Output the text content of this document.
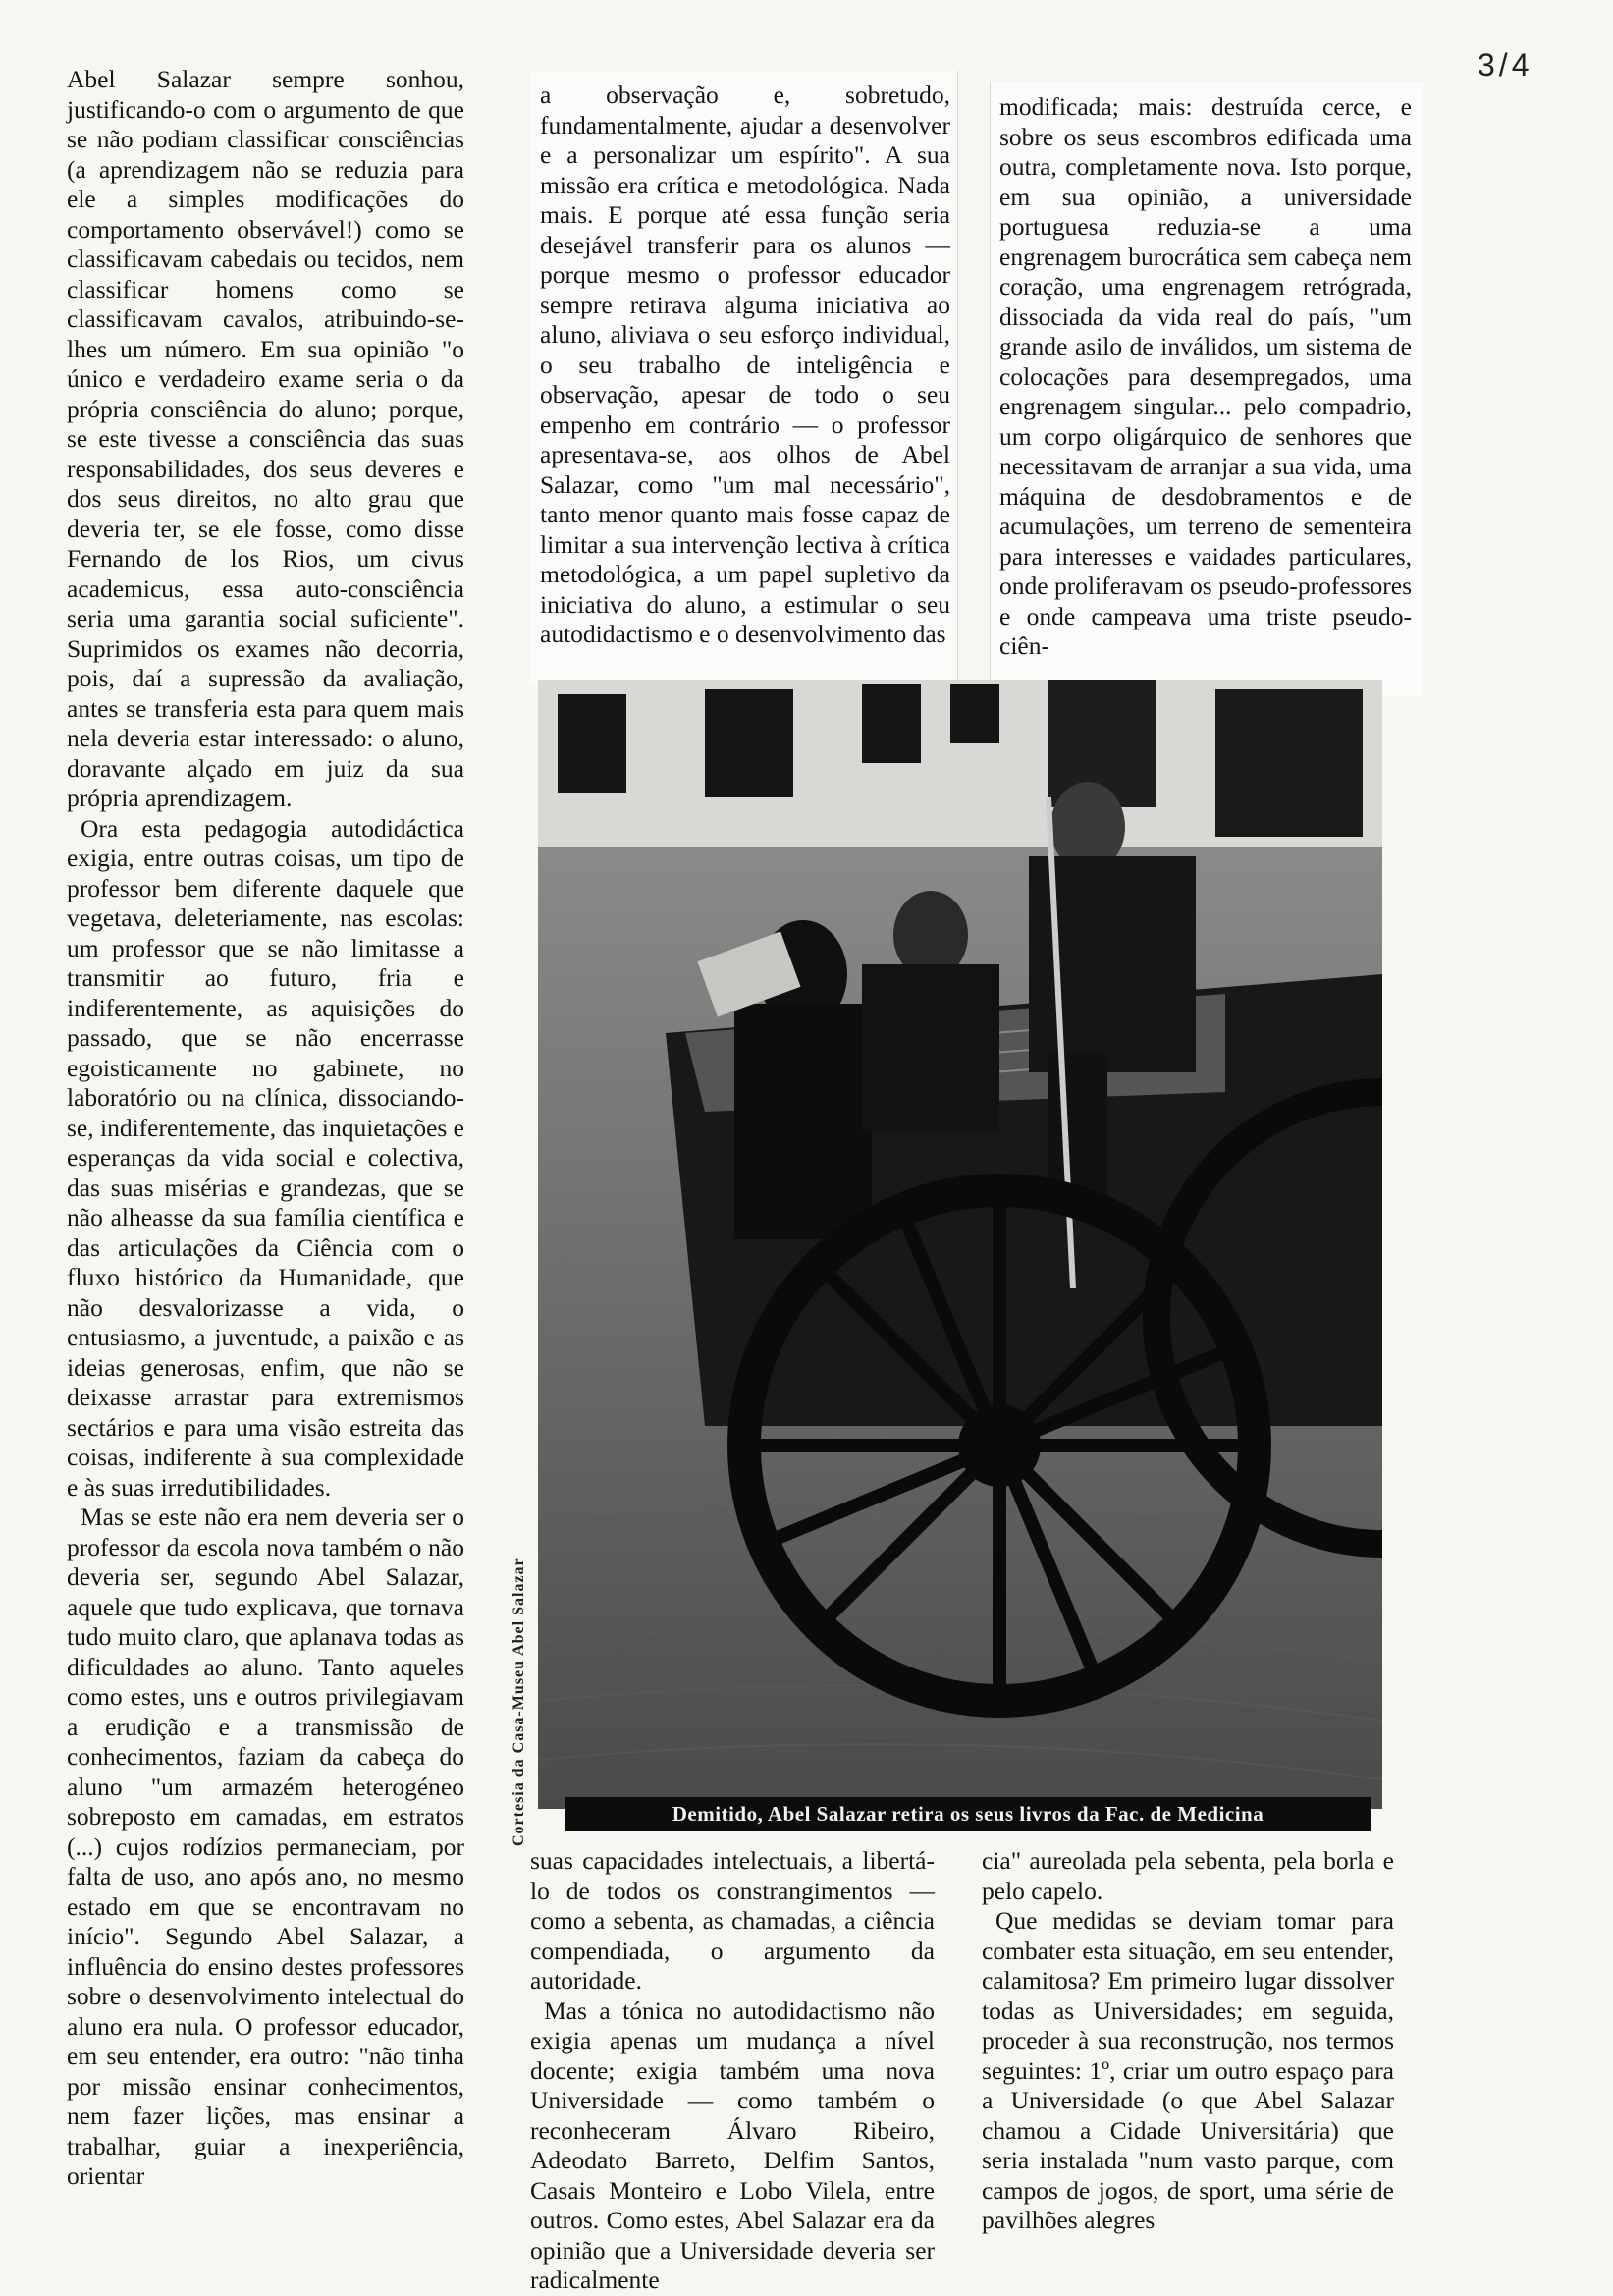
3/4

Abel Salazar sempre sonhou, justificando-o com o argumento de que se não podiam classificar consciências (a aprendizagem não se reduzia para ele a simples modificações do comportamento observável!) como se classificavam cabedais ou tecidos, nem classificar homens como se classificavam cavalos, atribuindo-se-lhes um número. Em sua opinião "o único e verdadeiro exame seria o da própria consciência do aluno; porque, se este tivesse a consciência das suas responsabilidades, dos seus deveres e dos seus direitos, no alto grau que deveria ter, se ele fosse, como disse Fernando de los Rios, um civus academicus, essa auto-consciência seria uma garantia social suficiente". Suprimidos os exames não decorria, pois, daí a supressão da avaliação, antes se transferia esta para quem mais nela deveria estar interessado: o aluno, doravante alçado em juiz da sua própria aprendizagem.

Ora esta pedagogia autodidáctica exigia, entre outras coisas, um tipo de professor bem diferente daquele que vegetava, deleteriamente, nas escolas: um professor que se não limitasse a transmitir ao futuro, fria e indiferentemente, as aquisições do passado, que se não encerrasse egoisticamente no gabinete, no laboratório ou na clínica, dissociando-se, indiferentemente, das inquietações e esperanças da vida social e colectiva, das suas misérias e grandezas, que se não alheasse da sua família científica e das articulações da Ciência com o fluxo histórico da Humanidade, que não desvalorizasse a vida, o entusiasmo, a juventude, a paixão e as ideias generosas, enfim, que não se deixasse arrastar para extremismos sectários e para uma visão estreita das coisas, indiferente à sua complexidade e às suas irredutibilidades.

Mas se este não era nem deveria ser o professor da escola nova também o não deveria ser, segundo Abel Salazar, aquele que tudo explicava, que tornava tudo muito claro, que aplanava todas as dificuldades ao aluno. Tanto aqueles como estes, uns e outros privilegiavam a erudição e a transmissão de conhecimentos, faziam da cabeça do aluno "um armazém heterogéneo sobreposto em camadas, em estratos (...) cujos rodízios permaneciam, por falta de uso, ano após ano, no mesmo estado em que se encontravam no início". Segundo Abel Salazar, a influência do ensino destes professores sobre o desenvolvimento intelectual do aluno era nula. O professor educador, em seu entender, era outro: "não tinha por missão ensinar conhecimentos, nem fazer lições, mas ensinar a trabalhar, guiar a inexperiência, orientar

a observação e, sobretudo, fundamentalmente, ajudar a desenvolver e a personalizar um espírito". A sua missão era crítica e metodológica. Nada mais. E porque até essa função seria desejável transferir para os alunos — porque mesmo o professor educador sempre retirava alguma iniciativa ao aluno, aliviava o seu esforço individual, o seu trabalho de inteligência e observação, apesar de todo o seu empenho em contrário — o professor apresentava-se, aos olhos de Abel Salazar, como "um mal necessário", tanto menor quanto mais fosse capaz de limitar a sua intervenção lectiva à crítica metodológica, a um papel supletivo da iniciativa do aluno, a estimular o seu autodidactismo e o desenvolvimento das

modificada; mais: destruída cerce, e sobre os seus escombros edificada uma outra, completamente nova. Isto porque, em sua opinião, a universidade portuguesa reduzia-se a uma engrenagem burocrática sem cabeça nem coração, uma engrenagem retrógrada, dissociada da vida real do país, "um grande asilo de inválidos, um sistema de colocações para desempregados, uma engrenagem singular... pelo compadrio, um corpo oligárquico de senhores que necessitavam de arranjar a sua vida, uma máquina de desdobramentos e de acumulações, um terreno de sementeira para interesses e vaidades particulares, onde proliferavam os pseudo-professores e onde campeava uma triste pseudo-ciên-

Cortesia da Casa-Museu Abel Salazar	Demitido, Abel Salazar retira os seus livros da Fac. de Medicina

suas capacidades intelectuais, a libertá-lo de todos os constrangimentos — como a sebenta, as chamadas, a ciência compendiada, o argumento da autoridade.

Mas a tónica no autodidactismo não exigia apenas um mudança a nível docente; exigia também uma nova Universidade — como também o reconheceram Álvaro Ribeiro, Adeodato Barreto, Delfim Santos, Casais Monteiro e Lobo Vilela, entre outros. Como estes, Abel Salazar era da opinião que a Universidade deveria ser radicalmente

cia" aureolada pela sebenta, pela borla e pelo capelo.

Que medidas se deviam tomar para combater esta situação, em seu entender, calamitosa? Em primeiro lugar dissolver todas as Universidades; em seguida, proceder à sua reconstrução, nos termos seguintes: 1º, criar um outro espaço para a Universidade (o que Abel Salazar chamou a Cidade Universitária) que seria instalada "num vasto parque, com campos de jogos, de sport, uma série de pavilhões alegres
